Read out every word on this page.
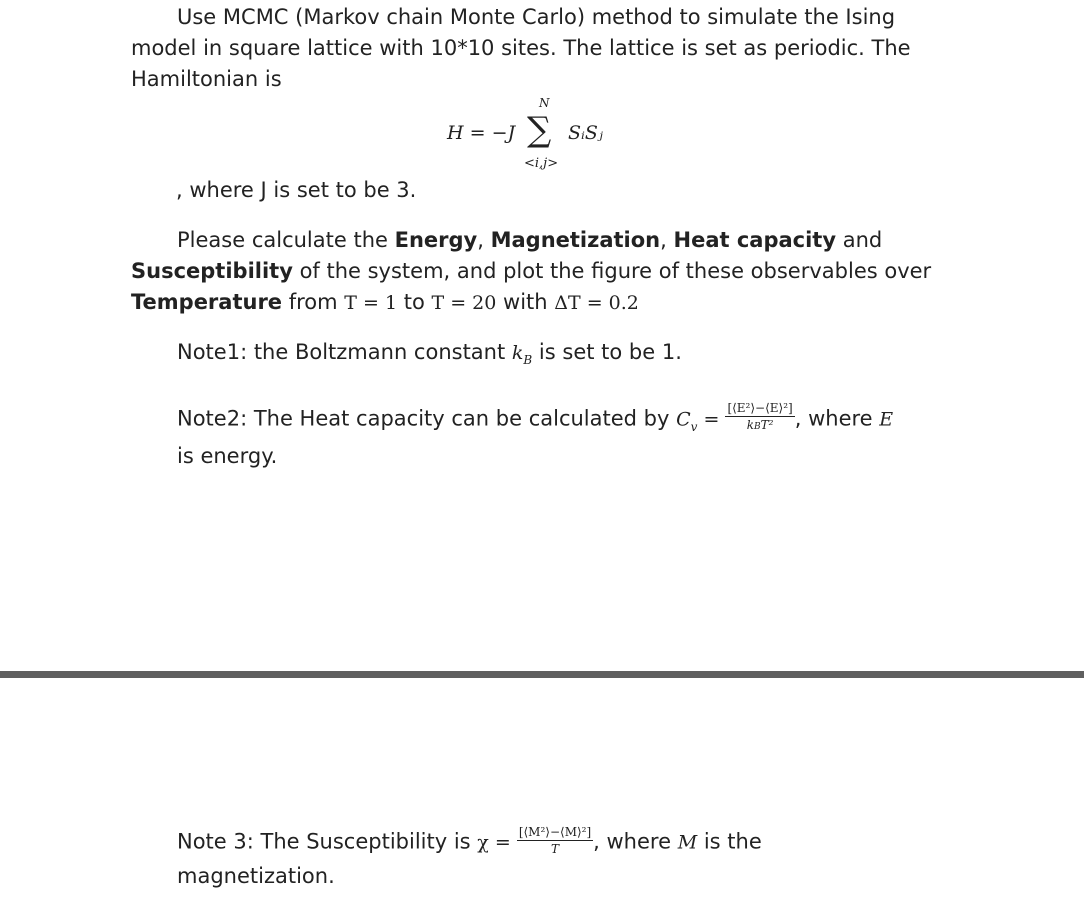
Use MCMC (Markov chain Monte Carlo) method to simulate the Ising
model in square lattice with 10*10 sites. The lattice is set as periodic. The
Hamiltonian is
N
H = −J ∑ SᵢSⱼ
<i,j>
, where J is set to be 3.
Please calculate the Energy, Magnetization, Heat capacity and
Susceptibility of the system, and plot the figure of these observables over
Temperature from T = 1 to T = 20 with ΔT = 0.2
Note1: the Boltzmann constant $k_B$ is set to be 1.
Note2: The Heat capacity can be calculated by $C_v = \frac{\text{[⟨E²⟩−⟨E⟩²]}}{\text{kBT²}}$ , where E
is energy.
Note 3: The Susceptibility is $\chi = \frac{\text{[⟨M²⟩−⟨M⟩²]}}{T}$ , where M is the
magnetization.
